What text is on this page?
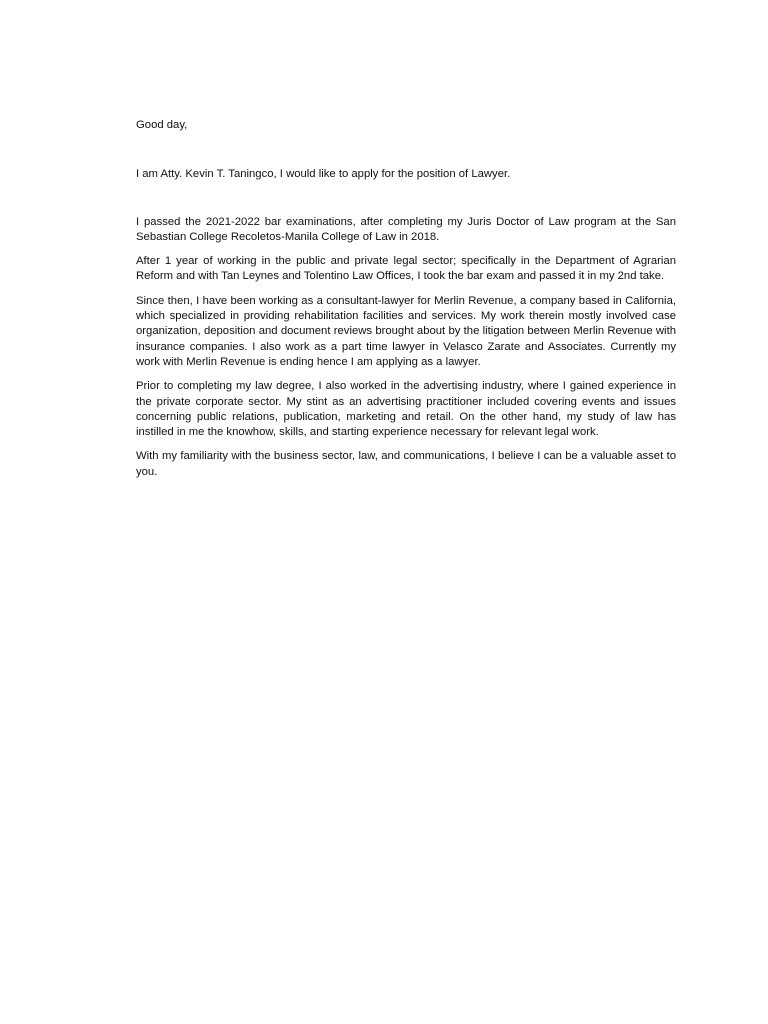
Good day,

I am Atty. Kevin T. Taningco, I would like to apply for the position of Lawyer.

I passed the 2021-2022 bar examinations, after completing my Juris Doctor of Law program at the San Sebastian College Recoletos-Manila College of Law in 2018.

After 1 year of working in the public and private legal sector; specifically in the Department of Agrarian Reform and with Tan Leynes and Tolentino Law Offices, I took the bar exam and passed it in my 2nd take.

Since then, I have been working as a consultant-lawyer for Merlin Revenue, a company based in California, which specialized in providing rehabilitation facilities and services. My work therein mostly involved case organization, deposition and document reviews brought about by the litigation between Merlin Revenue with insurance companies. I also work as a part time lawyer in Velasco Zarate and Associates. Currently my work with Merlin Revenue is ending hence I am applying as a lawyer.

Prior to completing my law degree, I also worked in the advertising industry, where I gained experience in the private corporate sector. My stint as an advertising practitioner included covering events and issues concerning public relations, publication, marketing and retail. On the other hand, my study of law has instilled in me the knowhow, skills, and starting experience necessary for relevant legal work.

With my familiarity with the business sector, law, and communications, I believe I can be a valuable asset to you.
